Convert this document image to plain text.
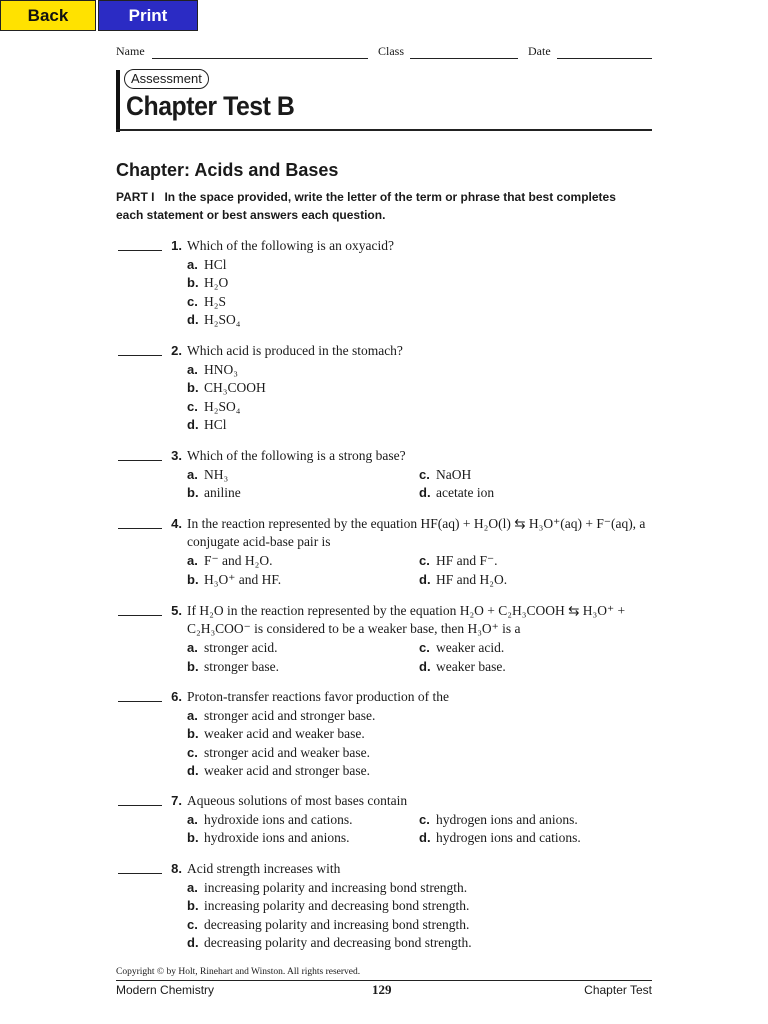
Back	Print
Name	Class	Date
Assessment
Chapter Test B
Chapter: Acids and Bases
PART I In the space provided, write the letter of the term or phrase that best completes each statement or best answers each question.
1. Which of the following is an oxyacid?
a. HCl
b. H₂O
c. H₂S
d. H₂SO₄
2. Which acid is produced in the stomach?
a. HNO₃
b. CH₃COOH
c. H₂SO₄
d. HCl
3. Which of the following is a strong base?
a. NH₃
b. aniline
c. NaOH
d. acetate ion
4. In the reaction represented by the equation HF(aq) + H₂O(l) ⇆ H₃O⁺(aq) + F⁻(aq), a conjugate acid-base pair is
a. F⁻ and H₂O.
b. H₃O⁺ and HF.
c. HF and F⁻.
d. HF and H₂O.
5. If H₂O in the reaction represented by the equation H₂O + C₂H₃COOH ⇆ H₃O⁺ + C₂H₃COO⁻ is considered to be a weaker base, then H₃O⁺ is a
a. stronger acid.
b. stronger base.
c. weaker acid.
d. weaker base.
6. Proton-transfer reactions favor production of the
a. stronger acid and stronger base.
b. weaker acid and weaker base.
c. stronger acid and weaker base.
d. weaker acid and stronger base.
7. Aqueous solutions of most bases contain
a. hydroxide ions and cations.
b. hydroxide ions and anions.
c. hydrogen ions and anions.
d. hydrogen ions and cations.
8. Acid strength increases with
a. increasing polarity and increasing bond strength.
b. increasing polarity and decreasing bond strength.
c. decreasing polarity and increasing bond strength.
d. decreasing polarity and decreasing bond strength.
Copyright © by Holt, Rinehart and Winston. All rights reserved.
Modern Chemistry	129	Chapter Test
